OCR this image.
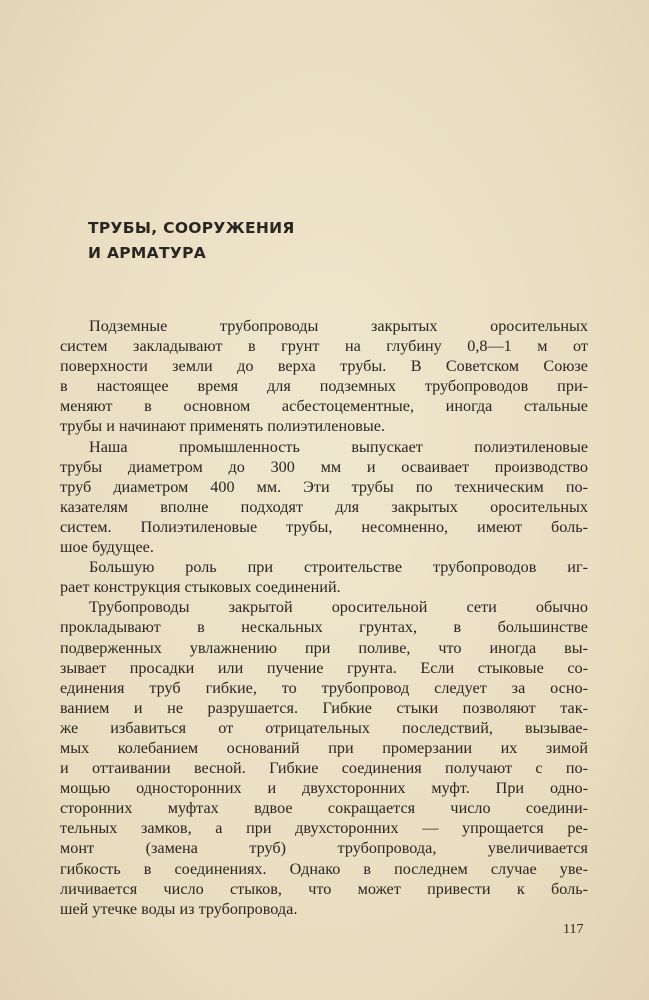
ТРУБЫ, СООРУЖЕНИЯ
И АРМАТУРА
Подземные трубопроводы закрытых оросительных
систем закладывают в грунт на глубину 0,8—1 м от
поверхности земли до верха трубы. В Советском Союзе
в настоящее время для подземных трубопроводов при-
меняют в основном асбестоцементные, иногда стальные
трубы и начинают применять полиэтиленовые.
Наша промышленность выпускает полиэтиленовые
трубы диаметром до 300 мм и осваивает производство
труб диаметром 400 мм. Эти трубы по техническим по-
казателям вполне подходят для закрытых оросительных
систем. Полиэтиленовые трубы, несомненно, имеют боль-
шое будущее.
Большую роль при строительстве трубопроводов иг-
рает конструкция стыковых соединений.
Трубопроводы закрытой оросительной сети обычно
прокладывают в нескальных грунтах, в большинстве
подверженных увлажнению при поливе, что иногда вы-
зывает просадки или пучение грунта. Если стыковые со-
единения труб гибкие, то трубопровод следует за осно-
ванием и не разрушается. Гибкие стыки позволяют так-
же избавиться от отрицательных последствий, вызывае-
мых колебанием оснований при промерзании их зимой
и оттаивании весной. Гибкие соединения получают с по-
мощью односторонних и двухсторонних муфт. При одно-
сторонних муфтах вдвое сокращается число соедини-
тельных замков, а при двухсторонних — упрощается ре-
монт (замена труб) трубопровода, увеличивается
гибкость в соединениях. Однако в последнем случае уве-
личивается число стыков, что может привести к боль-
шей утечке воды из трубопровода.
117
